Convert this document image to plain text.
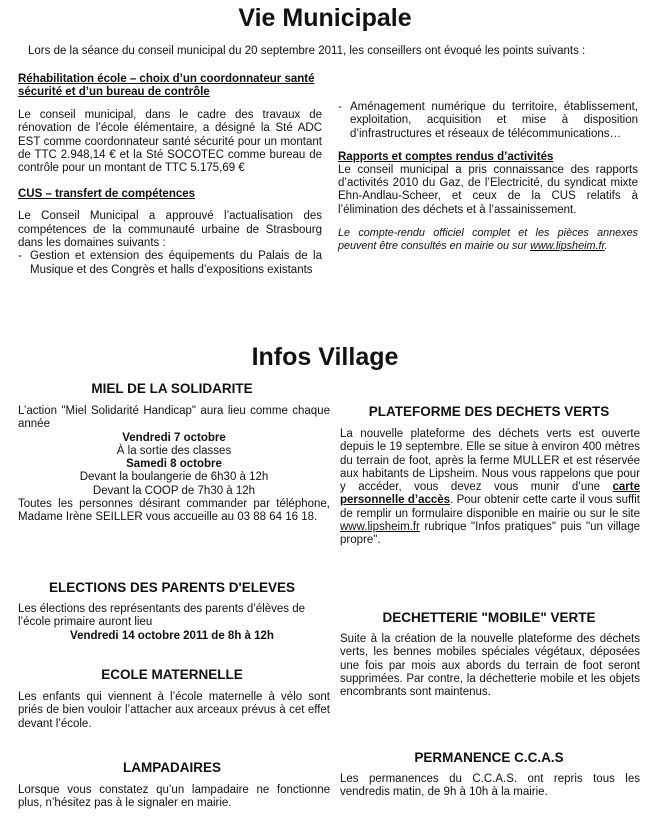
Vie Municipale

Lors de la séance du conseil municipal du 20 septembre 2011, les conseillers ont évoqué les points suivants :

Réhabilitation école – choix d’un coordonnateur santé sécurité et d’un bureau de contrôle

Le conseil municipal, dans le cadre des travaux de rénovation de l’école élémentaire, a désigné la Sté ADC EST comme coordonnateur santé sécurité pour un montant de TTC 2.948,14 € et la Sté SOCOTEC comme bureau de contrôle pour un montant de TTC 5.175,69 €

CUS – transfert de compétences

Le Conseil Municipal a approuvé l’actualisation des compétences de la communauté urbaine de Strasbourg dans les domaines suivants :

- Gestion et extension des équipements du Palais de la Musique et des Congrès et halls d’expositions existants
- Aménagement numérique du territoire, établissement, exploitation, acquisition et mise à disposition d’infrastructures et réseaux de télécommunications…

Rapports et comptes rendus d’activités

Le conseil municipal a pris connaissance des rapports d’activités 2010 du Gaz, de l’Electricité, du syndicat mixte Ehn-Andlau-Scheer, et ceux de la CUS relatifs à l’élimination des déchets et à l’assainissement.

Le compte-rendu officiel complet et les pièces annexes peuvent être consultés en mairie ou sur www.lipsheim.fr.

Infos Village

MIEL DE LA SOLIDARITE

L’action "Miel Solidarité Handicap" aura lieu comme chaque année

Vendredi 7 octobre

À la sortie des classes

Samedi 8 octobre

Devant la boulangerie de 6h30 à 12h

Devant la COOP de 7h30 à 12h

Toutes les personnes désirant commander par téléphone, Madame Irène SEILLER vous accueille au 03 88 64 16 18.

ELECTIONS DES PARENTS D'ELEVES

Les élections des représentants des parents d’élèves de l’école primaire auront lieu

Vendredi 14 octobre 2011 de 8h à 12h

ECOLE MATERNELLE

Les enfants qui viennent à l’école maternelle à vélo sont priés de bien vouloir l’attacher aux arceaux prévus à cet effet devant l’école.

LAMPADAIRES

Lorsque vous constatez qu’un lampadaire ne fonctionne plus, n’hésitez pas à le signaler en mairie.

PLATEFORME DES DECHETS VERTS

La nouvelle plateforme des déchets verts est ouverte depuis le 19 septembre. Elle se situe à environ 400 mètres du terrain de foot, après la ferme MULLER et est réservée aux habitants de Lipsheim. Nous vous rappelons que pour y accéder, vous devez vous munir d’une carte personnelle d’accès. Pour obtenir cette carte il vous suffit de remplir un formulaire disponible en mairie ou sur le site www.lipsheim.fr rubrique "Infos pratiques" puis "un village propre".

DECHETTERIE "MOBILE" VERTE

Suite à la création de la nouvelle plateforme des déchets verts, les bennes mobiles spéciales végétaux, déposées une fois par mois aux abords du terrain de foot seront supprimées. Par contre, la déchetterie mobile et les objets encombrants sont maintenus.

PERMANENCE C.C.A.S

Les permanences du C.C.A.S. ont repris tous les vendredis matin, de 9h à 10h à la mairie.
